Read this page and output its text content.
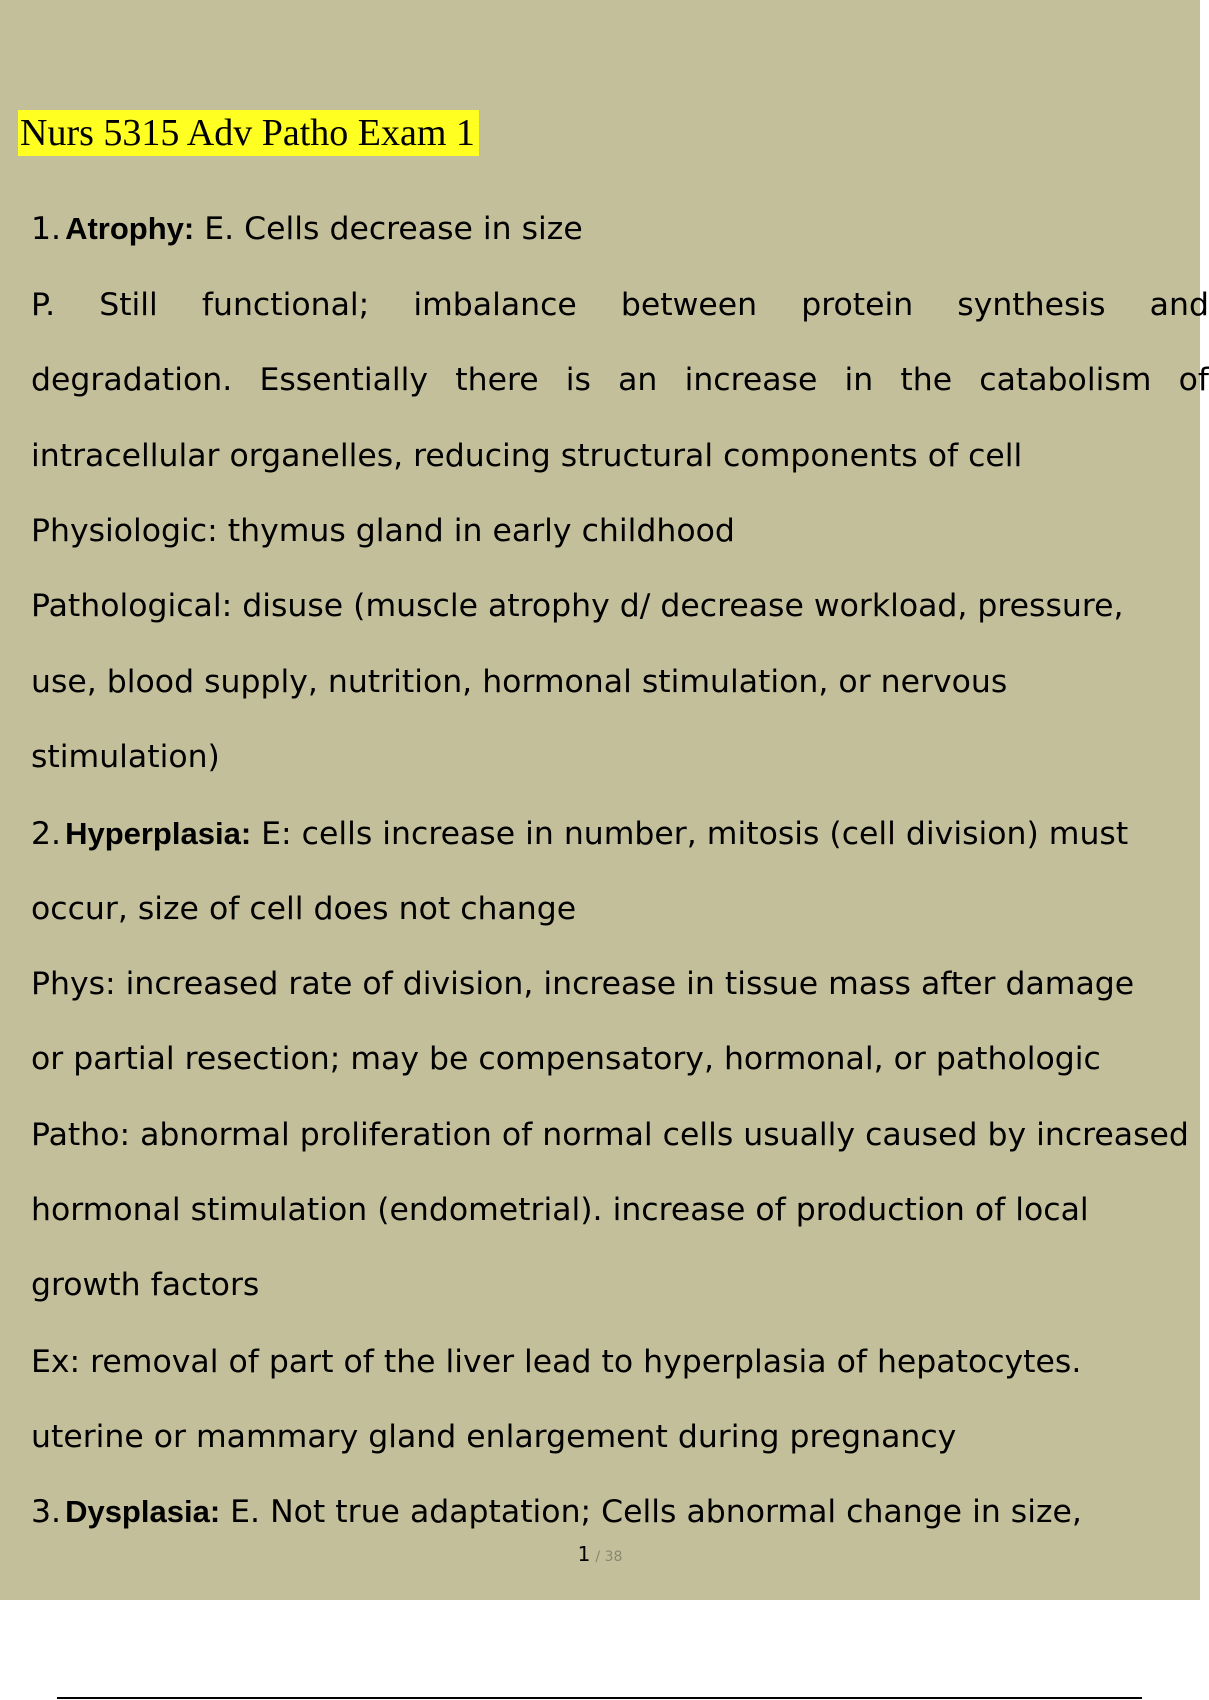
Nurs 5315 Adv Patho Exam 1
1. Atrophy: E. Cells decrease in size
P. Still functional; imbalance between protein synthesis and
degradation. Essentially there is an increase in the catabolism of
intracellular organelles, reducing structural components of cell
Physiologic: thymus gland in early childhood
Pathological: disuse (muscle atrophy d/ decrease workload, pressure,
use, blood supply, nutrition, hormonal stimulation, or nervous
stimulation)
2. Hyperplasia: E: cells increase in number, mitosis (cell division) must
occur, size of cell does not change
Phys: increased rate of division, increase in tissue mass after damage
or partial resection; may be compensatory, hormonal, or pathologic
Patho: abnormal proliferation of normal cells usually caused by increased
hormonal stimulation (endometrial). increase of production of local
growth factors
Ex: removal of part of the liver lead to hyperplasia of hepatocytes.
uterine or mammary gland enlargement during pregnancy
3. Dysplasia: E. Not true adaptation; Cells abnormal change in size,
1 / 38
